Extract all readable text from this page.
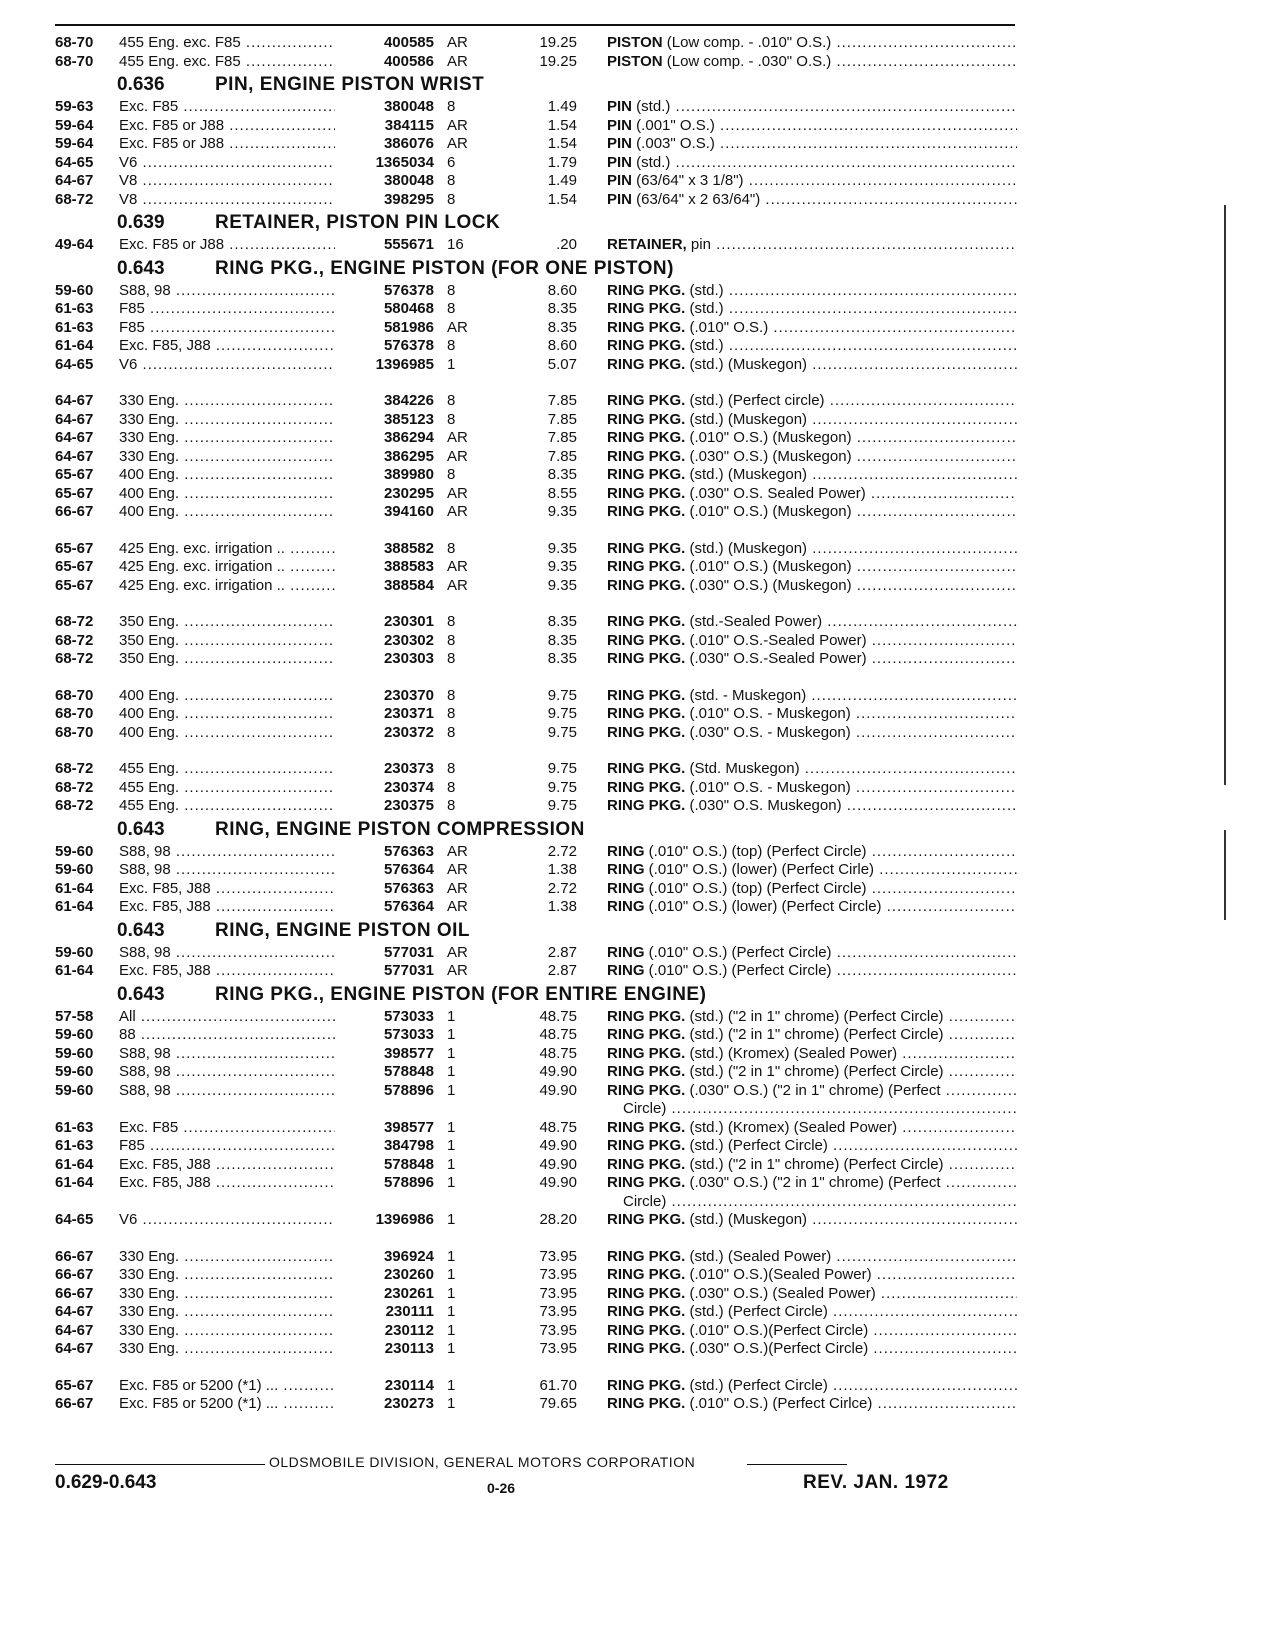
68-70	455 Eng. exc. F85 .....	400585 AR	19.25 PISTON (Low comp. - .010" O.S.) .....
68-70	455 Eng. exc. F85 .....	400586 AR	19.25 PISTON (Low comp. - .030" O.S.) .....
0.636	PIN, ENGINE PISTON WRIST
59-63	Exc. F85 .....	380048 8	1.49 PIN (std.) .....
59-64	Exc. F85 or J88 .....	384115 AR	1.54 PIN (.001" O.S.) .....
59-64	Exc. F85 or J88 .....	386076 AR	1.54 PIN (.003" O.S.) .....
64-65	V6 .....	1365034 6	1.79 PIN (std.) .....
64-67	V8 .....	380048 8	1.49 PIN (63/64" x 3 1/8") .....
68-72	V8 .....	398295 8	1.54 PIN (63/64" x 2 63/64") .....
0.639	RETAINER, PISTON PIN LOCK
49-64	Exc. F85 or J88 .....	555671 16	.20 RETAINER, pin .....
0.643	RING PKG., ENGINE PISTON (FOR ONE PISTON)
59-60	S88, 98 .....	576378 8	8.60 RING PKG. (std.) .....
61-63	F85 .....	580468 8	8.35 RING PKG. (std.) .....
61-63	F85 .....	581986 AR	8.35 RING PKG. (.010" O.S.) .....
61-64	Exc. F85, J88 .....	576378 8	8.60 RING PKG. (std.) .....
64-65	V6 .....	1396985 1	5.07 RING PKG. (std.) (Muskegon) .....
64-67	330 Eng. .....	384226 8	7.85 RING PKG. (std.) (Perfect circle) .....
64-67	330 Eng. .....	385123 8	7.85 RING PKG. (std.) (Muskegon) .....
64-67	330 Eng. .....	386294 AR	7.85 RING PKG. (.010" O.S.) (Muskegon) .....
64-67	330 Eng. .....	386295 AR	7.85 RING PKG. (.030" O.S.) (Muskegon) .....
65-67	400 Eng. .....	389980 8	8.35 RING PKG. (std.) (Muskegon) .....
65-67	400 Eng. .....	230295 AR	8.55 RING PKG. (.030" O.S. Sealed Power) .....
66-67	400 Eng. .....	394160 AR	9.35 RING PKG. (.010" O.S.) (Muskegon) .....
65-67	425 Eng. exc. irrigation .. .....	388582 8	9.35 RING PKG. (std.) (Muskegon) .....
65-67	425 Eng. exc. irrigation .. .....	388583 AR	9.35 RING PKG. (.010" O.S.) (Muskegon) .....
65-67	425 Eng. exc. irrigation .. .....	388584 AR	9.35 RING PKG. (.030" O.S.) (Muskegon) .....
68-72	350 Eng. .....	230301 8	8.35 RING PKG. (std.-Sealed Power) .....
68-72	350 Eng. .....	230302 8	8.35 RING PKG. (.010" O.S.-Sealed Power) .....
68-72	350 Eng. .....	230303 8	8.35 RING PKG. (.030" O.S.-Sealed Power) .....
68-70	400 Eng. .....	230370 8	9.75 RING PKG. (std. - Muskegon) .....
68-70	400 Eng. .....	230371 8	9.75 RING PKG. (.010" O.S. - Muskegon) .....
68-70	400 Eng. .....	230372 8	9.75 RING PKG. (.030" O.S. - Muskegon) .....
68-72	455 Eng. .....	230373 8	9.75 RING PKG. (Std. Muskegon) .....
68-72	455 Eng. .....	230374 8	9.75 RING PKG. (.010" O.S. - Muskegon) .....
68-72	455 Eng. .....	230375 8	9.75 RING PKG. (.030" O.S. Muskegon) .....
0.643	RING, ENGINE PISTON COMPRESSION
59-60	S88, 98 .....	576363 AR	2.72 RING (.010" O.S.) (top) (Perfect Circle) .....
59-60	S88, 98 .....	576364 AR	1.38 RING (.010" O.S.) (lower) (Perfect Cirle) .....
61-64	Exc. F85, J88 .....	576363 AR	2.72 RING (.010" O.S.) (top) (Perfect Circle) .....
61-64	Exc. F85, J88 .....	576364 AR	1.38 RING (.010" O.S.) (lower) (Perfect Circle) .....
0.643	RING, ENGINE PISTON OIL
59-60	S88, 98 .....	577031 AR	2.87 RING (.010" O.S.) (Perfect Circle) .....
61-64	Exc. F85, J88 .....	577031 AR	2.87 RING (.010" O.S.) (Perfect Circle) .....
0.643	RING PKG., ENGINE PISTON (FOR ENTIRE ENGINE)
57-58	All .....	573033 1	48.75 RING PKG. (std.) ("2 in 1" chrome) (Perfect Circle) .....
59-60	88 .....	573033 1	48.75 RING PKG. (std.) ("2 in 1" chrome) (Perfect Circle) .....
59-60	S88, 98 .....	398577 1	48.75 RING PKG. (std.) (Kromex) (Sealed Power) .....
59-60	S88, 98 .....	578848 1	49.90 RING PKG. (std.) ("2 in 1" chrome) (Perfect Circle) .....
59-60	S88, 98 .....	578896 1	49.90 RING PKG. (.030" O.S.) ("2 in 1" chrome) (Perfect .....
Circle) .....
61-63	Exc. F85 .....	398577 1	48.75 RING PKG. (std.) (Kromex) (Sealed Power) .....
61-63	F85 .....	384798 1	49.90 RING PKG. (std.) (Perfect Circle) .....
61-64	Exc. F85, J88 .....	578848 1	49.90 RING PKG. (std.) ("2 in 1" chrome) (Perfect Circle) .....
61-64	Exc. F85, J88 .....	578896 1	49.90 RING PKG. (.030" O.S.) ("2 in 1" chrome) (Perfect .....
Circle) .....
64-65	V6 .....	1396986 1	28.20 RING PKG. (std.) (Muskegon) .....
66-67	330 Eng. .....	396924 1	73.95 RING PKG. (std.) (Sealed Power) .....
66-67	330 Eng. .....	230260 1	73.95 RING PKG. (.010" O.S.)(Sealed Power) .....
66-67	330 Eng. .....	230261 1	73.95 RING PKG. (.030" O.S.) (Sealed Power) .....
64-67	330 Eng. .....	230111 1	73.95 RING PKG. (std.) (Perfect Circle) .....
64-67	330 Eng. .....	230112 1	73.95 RING PKG. (.010" O.S.)(Perfect Circle) .....
64-67	330 Eng. .....	230113 1	73.95 RING PKG. (.030" O.S.)(Perfect Circle) .....
65-67	Exc. F85 or 5200 (*1) ... .....	230114 1	61.70 RING PKG. (std.) (Perfect Circle) .....
66-67	Exc. F85 or 5200 (*1) ... .....	230273 1	79.65 RING PKG. (.010" O.S.) (Perfect Cirlce) .....
OLDSMOBILE DIVISION, GENERAL MOTORS CORPORATION
0.629-0.643	0-26	REV. JAN. 1972
